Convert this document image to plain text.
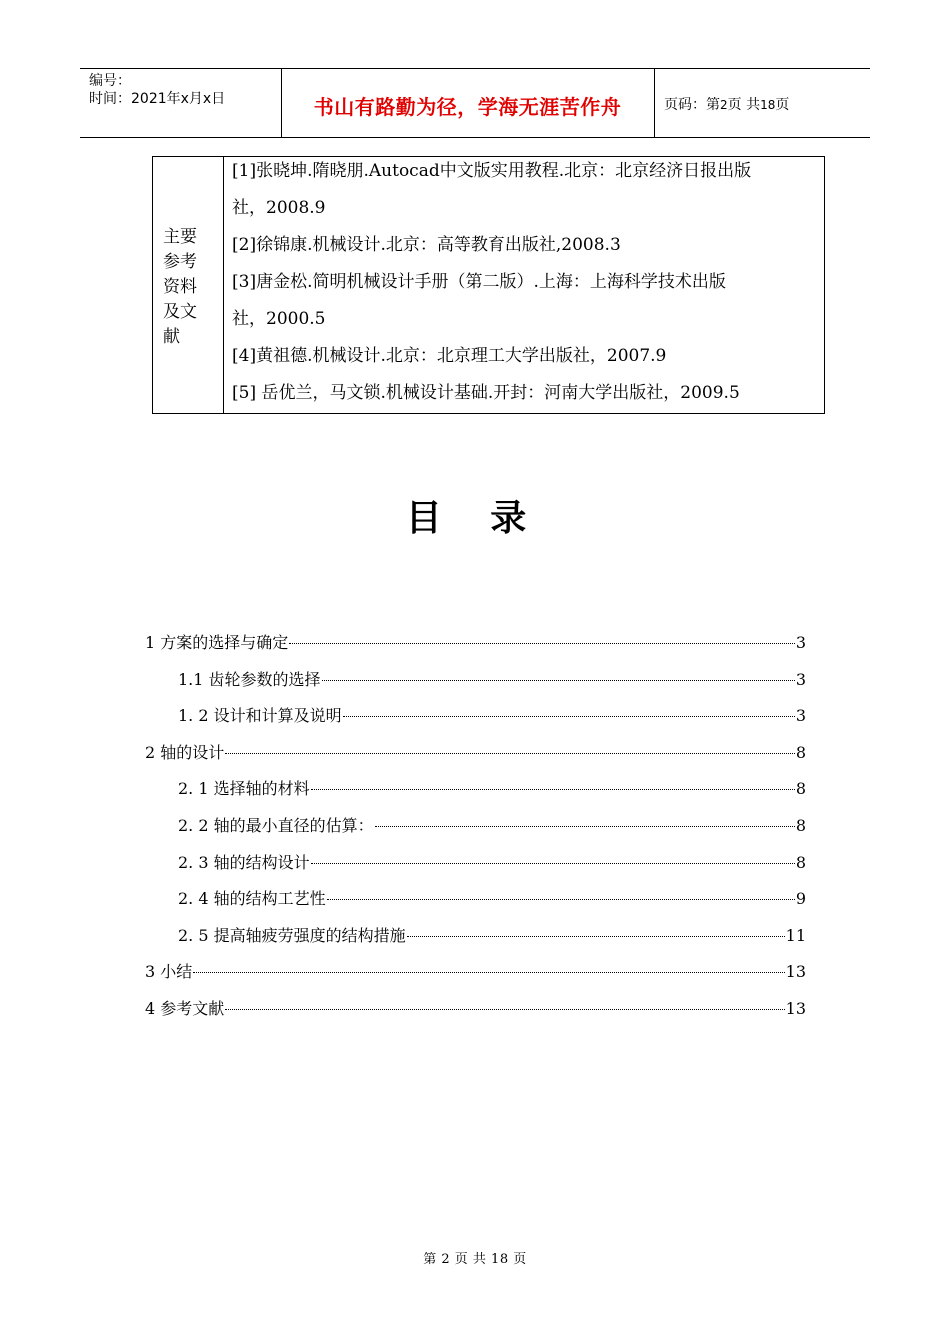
编号：
时间：2021年x月x日	书山有路勤为径，学海无涯苦作舟	页码：第2页 共18页
主要参考资料及文献
[1]张晓坤.隋晓朋.Autocad中文版实用教程.北京：北京经济日报出版
社，2008.9
[2]徐锦康.机械设计.北京：高等教育出版社,2008.3
[3]唐金松.简明机械设计手册（第二版）.上海：上海科学技术出版
社，2000.5
[4]黄祖德.机械设计.北京：北京理工大学出版社，2007.9
[5] 岳优兰，马文锁.机械设计基础.开封：河南大学出版社，2009.5
目 录
1 方案的选择与确定	3
1.1 齿轮参数的选择	3
1. 2 设计和计算及说明	3
2 轴的设计	8
2. 1 选择轴的材料	8
2. 2 轴的最小直径的估算：	8
2. 3 轴的结构设计	8
2. 4 轴的结构工艺性	9
2. 5 提高轴疲劳强度的结构措施	11
3 小结	13
4 参考文献	13
第 2 页 共 18 页
